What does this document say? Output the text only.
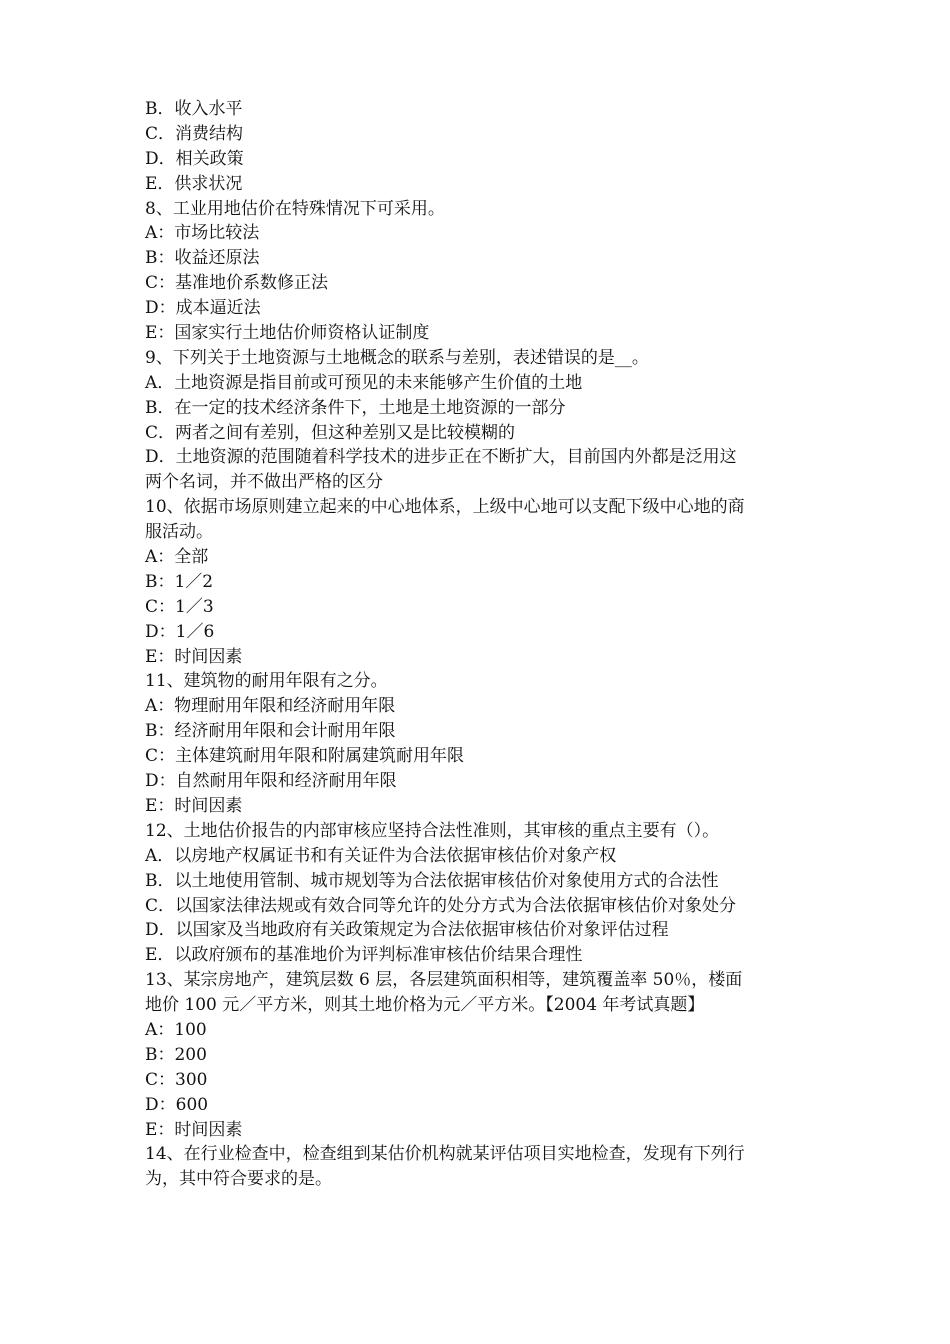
B．收入水平
C．消费结构
D．相关政策
E．供求状况
8、工业用地估价在特殊情况下可采用。
A：市场比较法
B：收益还原法
C：基准地价系数修正法
D：成本逼近法
E：国家实行土地估价师资格认证制度
9、下列关于土地资源与土地概念的联系与差别，表述错误的是__。
A．土地资源是指目前或可预见的未来能够产生价值的土地
B．在一定的技术经济条件下，土地是土地资源的一部分
C．两者之间有差别，但这种差别又是比较模糊的
D．土地资源的范围随着科学技术的进步正在不断扩大，目前国内外都是泛用这
两个名词，并不做出严格的区分
10、依据市场原则建立起来的中心地体系，上级中心地可以支配下级中心地的商
服活动。
A：全部
B：1／2
C：1／3
D：1／6
E：时间因素
11、建筑物的耐用年限有之分。
A：物理耐用年限和经济耐用年限
B：经济耐用年限和会计耐用年限
C：主体建筑耐用年限和附属建筑耐用年限
D：自然耐用年限和经济耐用年限
E：时间因素
12、土地估价报告的内部审核应坚持合法性准则，其审核的重点主要有（）。
A．以房地产权属证书和有关证件为合法依据审核估价对象产权
B．以土地使用管制、城市规划等为合法依据审核估价对象使用方式的合法性
C．以国家法律法规或有效合同等允许的处分方式为合法依据审核估价对象处分
D．以国家及当地政府有关政策规定为合法依据审核估价对象评估过程
E．以政府颁布的基准地价为评判标准审核估价结果合理性
13、某宗房地产，建筑层数 6 层，各层建筑面积相等，建筑覆盖率 50％，楼面
地价 100 元／平方米，则其土地价格为元／平方米。【2004 年考试真题】
A：100
B：200
C：300
D：600
E：时间因素
14、在行业检查中，检查组到某估价机构就某评估项目实地检查，发现有下列行
为，其中符合要求的是。
